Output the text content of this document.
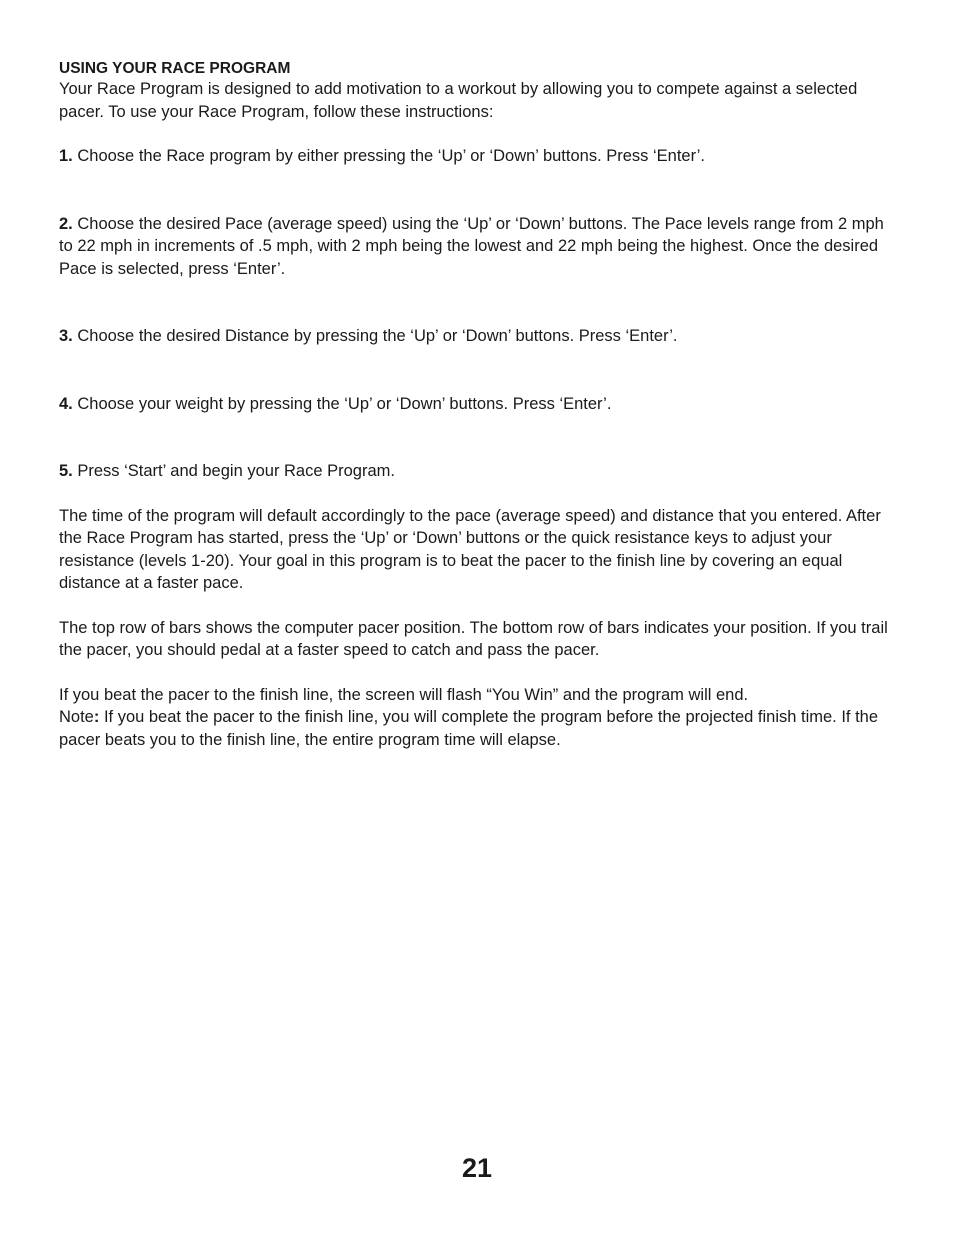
USING YOUR RACE PROGRAM

Your Race Program is designed to add motivation to a workout by allowing you to compete against a selected pacer. To use your Race Program, follow these instructions:

1. Choose the Race program by either pressing the ‘Up’ or ‘Down’ buttons. Press ‘Enter’.

2. Choose the desired Pace (average speed) using the ‘Up’ or ‘Down’ buttons. The Pace levels range from 2 mph to 22 mph in increments of .5 mph, with 2 mph being the lowest and 22 mph being the highest. Once the desired Pace is selected, press ‘Enter’.

3. Choose the desired Distance by pressing the ‘Up’ or ‘Down’ buttons. Press ‘Enter’.

4. Choose your weight by pressing the ‘Up’ or ‘Down’ buttons. Press ‘Enter’.

5. Press ‘Start’ and begin your Race Program.

The time of the program will default accordingly to the pace (average speed) and distance that you entered. After the Race Program has started, press the ‘Up’ or ‘Down’ buttons or the quick resistance keys to adjust your resistance (levels 1-20). Your goal in this program is to beat the pacer to the finish line by covering an equal distance at a faster pace.

The top row of bars shows the computer pacer position. The bottom row of bars indicates your position. If you trail the pacer, you should pedal at a faster speed to catch and pass the pacer.

If you beat the pacer to the finish line, the screen will flash “You Win” and the program will end.

Note: If you beat the pacer to the finish line, you will complete the program before the projected finish time. If the pacer beats you to the finish line, the entire program time will elapse.

21
